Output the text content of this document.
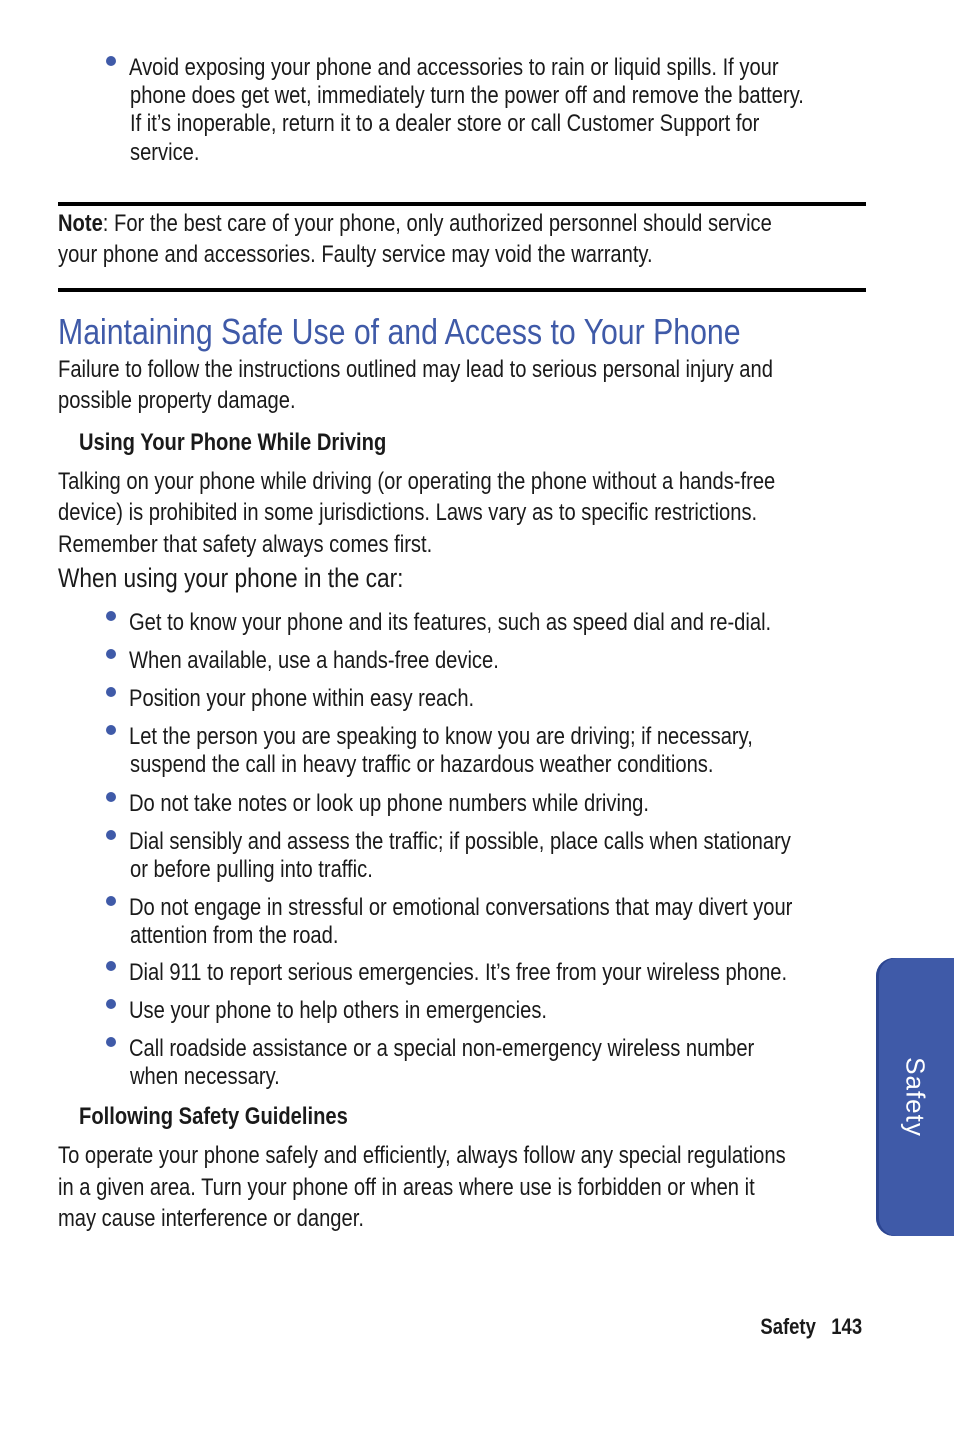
Avoid exposing your phone and accessories to rain or liquid spills. If your
phone does get wet, immediately turn the power off and remove the battery.
If it’s inoperable, return it to a dealer store or call Customer Support for
service.
Note: For the best care of your phone, only authorized personnel should service
your phone and accessories. Faulty service may void the warranty.
Maintaining Safe Use of and Access to Your Phone
Failure to follow the instructions outlined may lead to serious personal injury and
possible property damage.
Using Your Phone While Driving
Talking on your phone while driving (or operating the phone without a hands-free
device) is prohibited in some jurisdictions. Laws vary as to specific restrictions.
Remember that safety always comes first.
When using your phone in the car:
Get to know your phone and its features, such as speed dial and re-dial.
When available, use a hands-free device.
Position your phone within easy reach.
Let the person you are speaking to know you are driving; if necessary,
suspend the call in heavy traffic or hazardous weather conditions.
Do not take notes or look up phone numbers while driving.
Dial sensibly and assess the traffic; if possible, place calls when stationary
or before pulling into traffic.
Do not engage in stressful or emotional conversations that may divert your
attention from the road.
Dial 911 to report serious emergencies. It’s free from your wireless phone.
Use your phone to help others in emergencies.
Call roadside assistance or a special non-emergency wireless number
when necessary.
Following Safety Guidelines
To operate your phone safely and efficiently, always follow any special regulations
in a given area. Turn your phone off in areas where use is forbidden or when it
may cause interference or danger.
Safety
Safety 143
